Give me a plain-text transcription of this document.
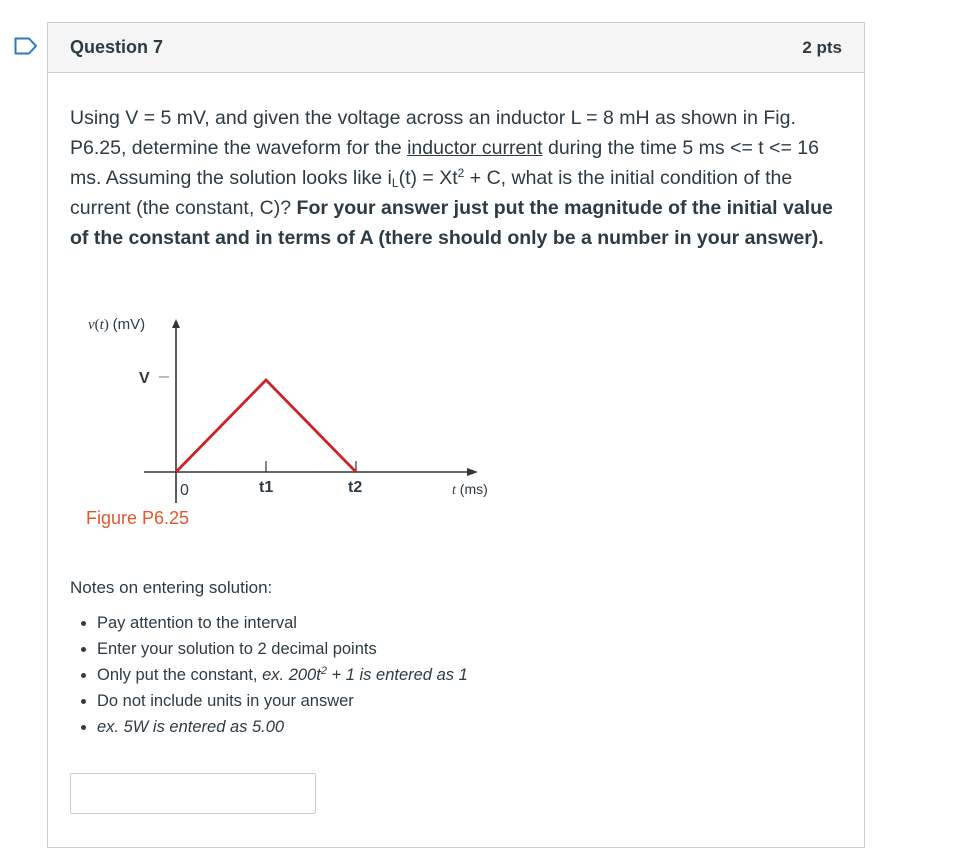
Question 7	2 pts

Using V = 5 mV, and given the voltage across an inductor L = 8 mH as shown in Fig. P6.25, determine the waveform for the inductor current during the time 5 ms <= t <= 16 ms. Assuming the solution looks like $i_L(t) = Xt^2 + C$, what is the initial condition of the current (the constant, C)? For your answer just put the magnitude of the initial value of the constant and in terms of A (there should only be a number in your answer).

v(t) (mV)
V
0	t1	t2	t (ms)
Figure P6.25

Notes on entering solution:

• Pay attention to the interval
• Enter your solution to 2 decimal points
• Only put the constant, ex. $200t^2 + 1$ is entered as 1
• Do not include units in your answer
• ex. 5W is entered as 5.00
